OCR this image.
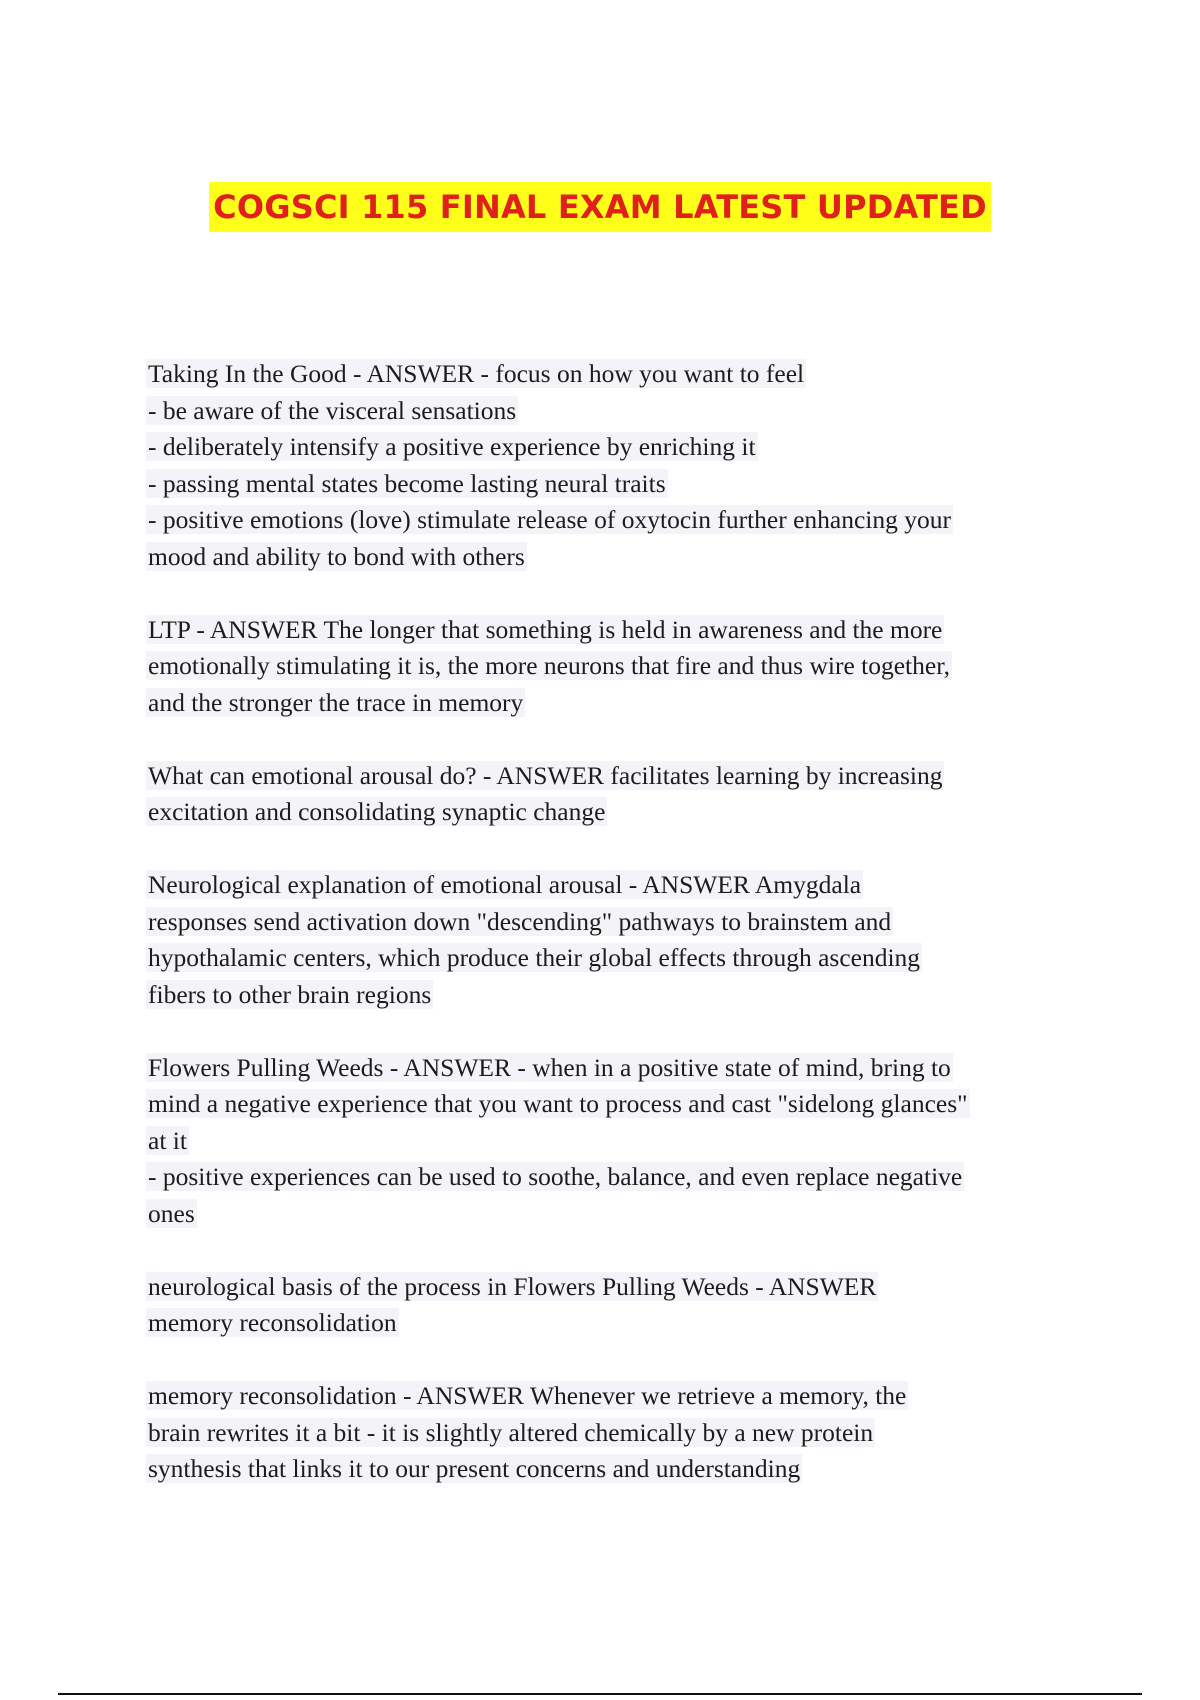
COGSCI 115 FINAL EXAM LATEST UPDATED
Taking In the Good - ANSWER - focus on how you want to feel
- be aware of the visceral sensations
- deliberately intensify a positive experience by enriching it
- passing mental states become lasting neural traits
- positive emotions (love) stimulate release of oxytocin further enhancing your
mood and ability to bond with others
LTP - ANSWER The longer that something is held in awareness and the more
emotionally stimulating it is, the more neurons that fire and thus wire together,
and the stronger the trace in memory
What can emotional arousal do? - ANSWER facilitates learning by increasing
excitation and consolidating synaptic change
Neurological explanation of emotional arousal - ANSWER Amygdala
responses send activation down "descending" pathways to brainstem and
hypothalamic centers, which produce their global effects through ascending
fibers to other brain regions
Flowers Pulling Weeds - ANSWER - when in a positive state of mind, bring to
mind a negative experience that you want to process and cast "sidelong glances"
at it
- positive experiences can be used to soothe, balance, and even replace negative
ones
neurological basis of the process in Flowers Pulling Weeds - ANSWER
memory reconsolidation
memory reconsolidation - ANSWER Whenever we retrieve a memory, the
brain rewrites it a bit - it is slightly altered chemically by a new protein
synthesis that links it to our present concerns and understanding
